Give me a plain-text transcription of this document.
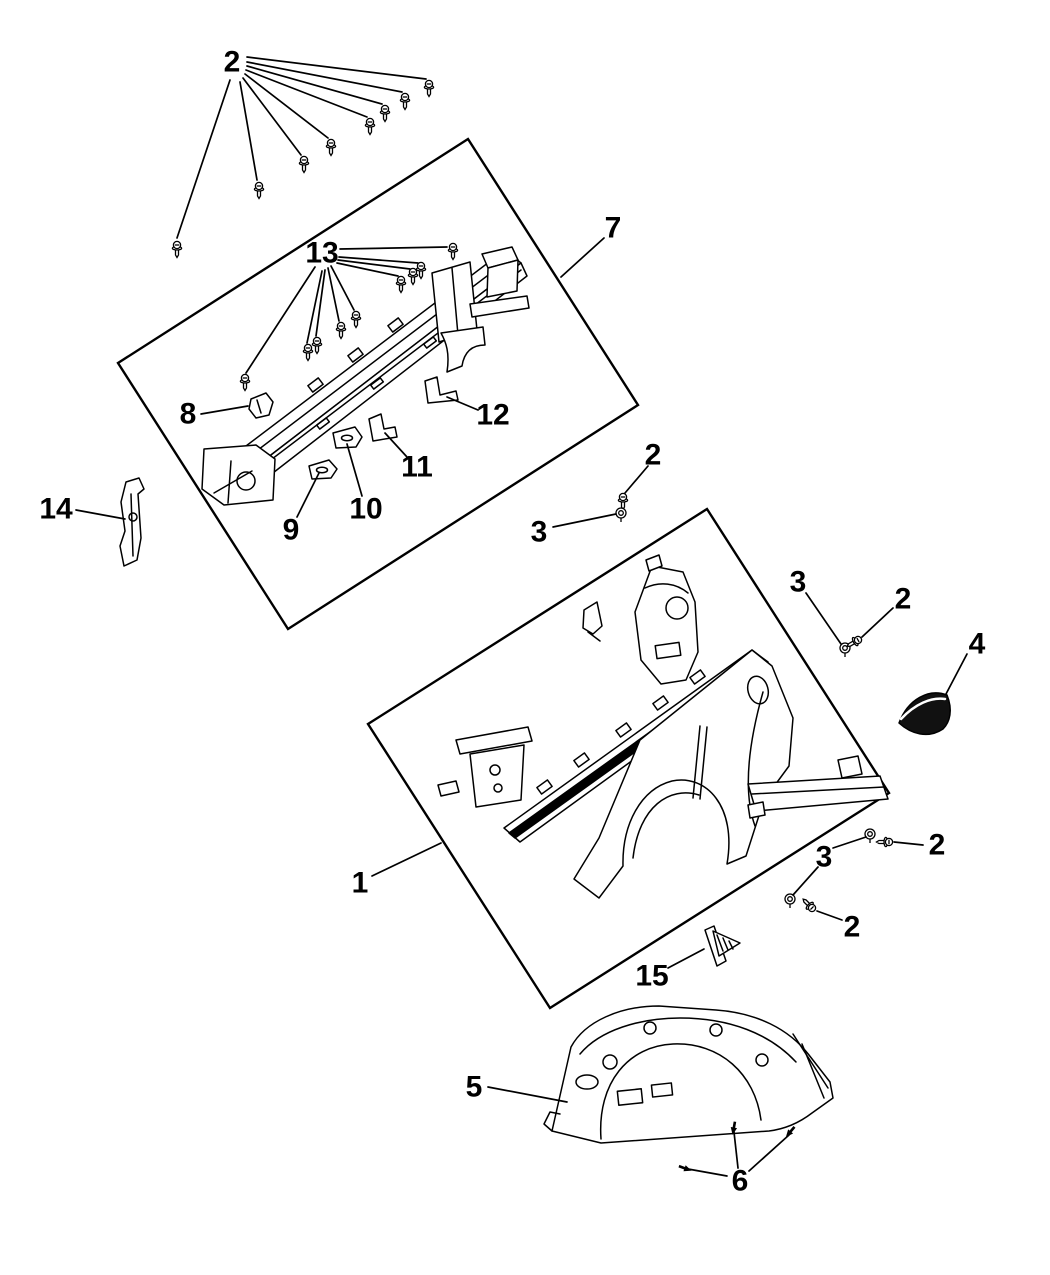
2
13
7
8	12
11
10
9
14
2
3
3
2
4
1
3	2
2
15
5
6
